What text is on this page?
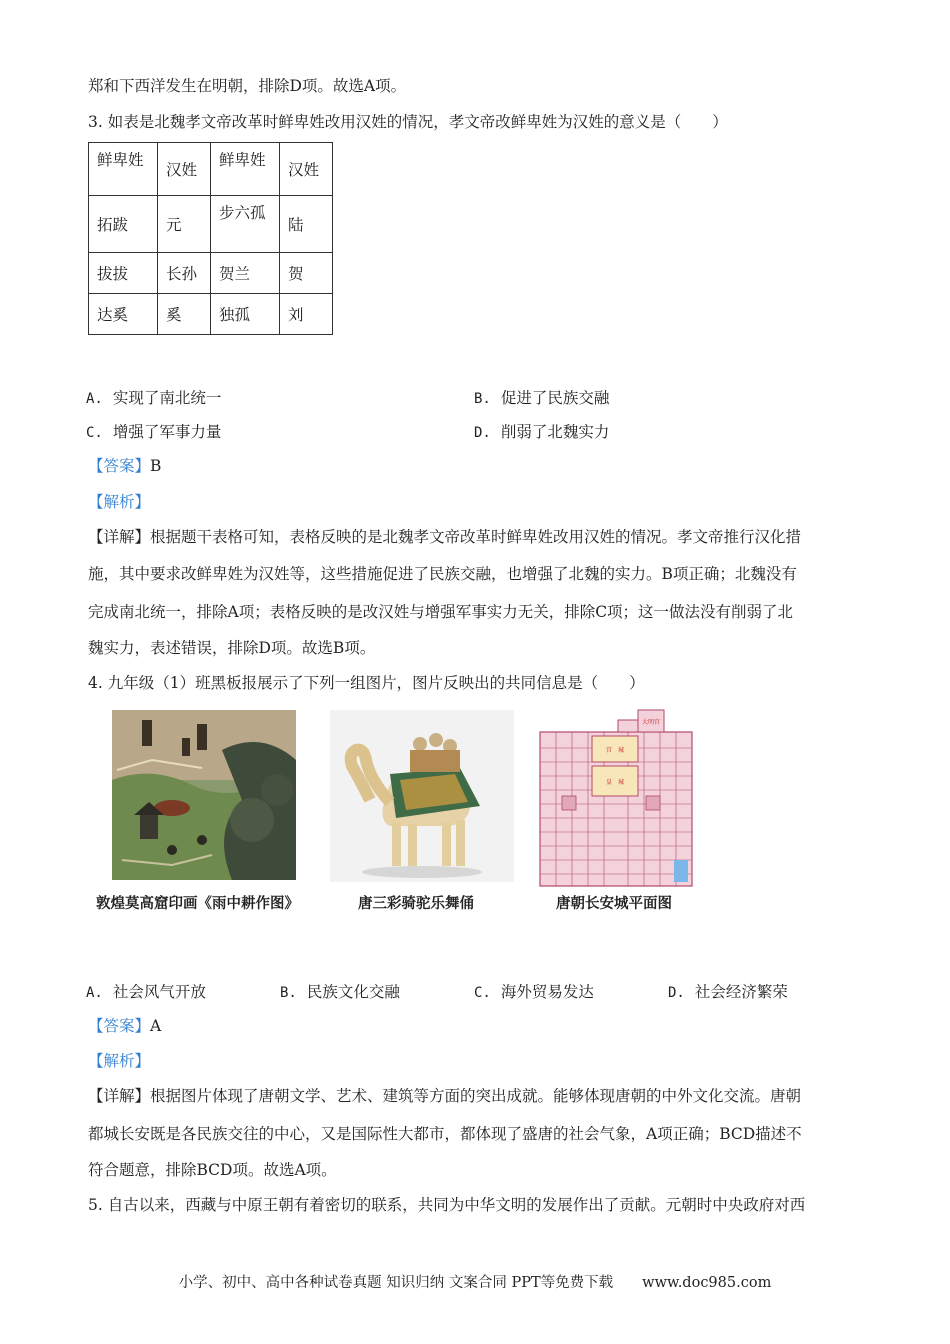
郑和下西洋发生在明朝，排除D项。故选A项。
3. 如表是北魏孝文帝改革时鲜卑姓改用汉姓的情况，孝文帝改鲜卑姓为汉姓的意义是（　　）
鲜卑姓	汉姓	鲜卑姓	汉姓
拓跋	元	步六孤	陆
拔拔	长孙	贺兰	贺
达奚	奚	独孤	刘
A. 实现了南北统一	B. 促进了民族交融
C. 增强了军事力量	D. 削弱了北魏实力
【答案】B
【解析】
【详解】根据题干表格可知，表格反映的是北魏孝文帝改革时鲜卑姓改用汉姓的情况。孝文帝推行汉化措
施，其中要求改鲜卑姓为汉姓等，这些措施促进了民族交融，也增强了北魏的实力。B项正确；北魏没有
完成南北统一，排除A项；表格反映的是改汉姓与增强军事实力无关，排除C项；这一做法没有削弱了北
魏实力，表述错误，排除D项。故选B项。
4. 九年级（1）班黑板报展示了下列一组图片，图片反映出的共同信息是（　　）
敦煌莫高窟印画《雨中耕作图》	唐三彩骑驼乐舞俑
大明宫
宫　城
皇　城
唐朝长安城平面图
A. 社会风气开放	B. 民族文化交融	C. 海外贸易发达	D. 社会经济繁荣
【答案】A
【解析】
【详解】根据图片体现了唐朝文学、艺术、建筑等方面的突出成就。能够体现唐朝的中外文化交流。唐朝
都城长安既是各民族交往的中心，又是国际性大都市，都体现了盛唐的社会气象，A项正确；BCD描述不
符合题意，排除BCD项。故选A项。
5. 自古以来，西藏与中原王朝有着密切的联系，共同为中华文明的发展作出了贡献。元朝时中央政府对西
小学、初中、高中各种试卷真题 知识归纳 文案合同 PPT等免费下载　　www.doc985.com
